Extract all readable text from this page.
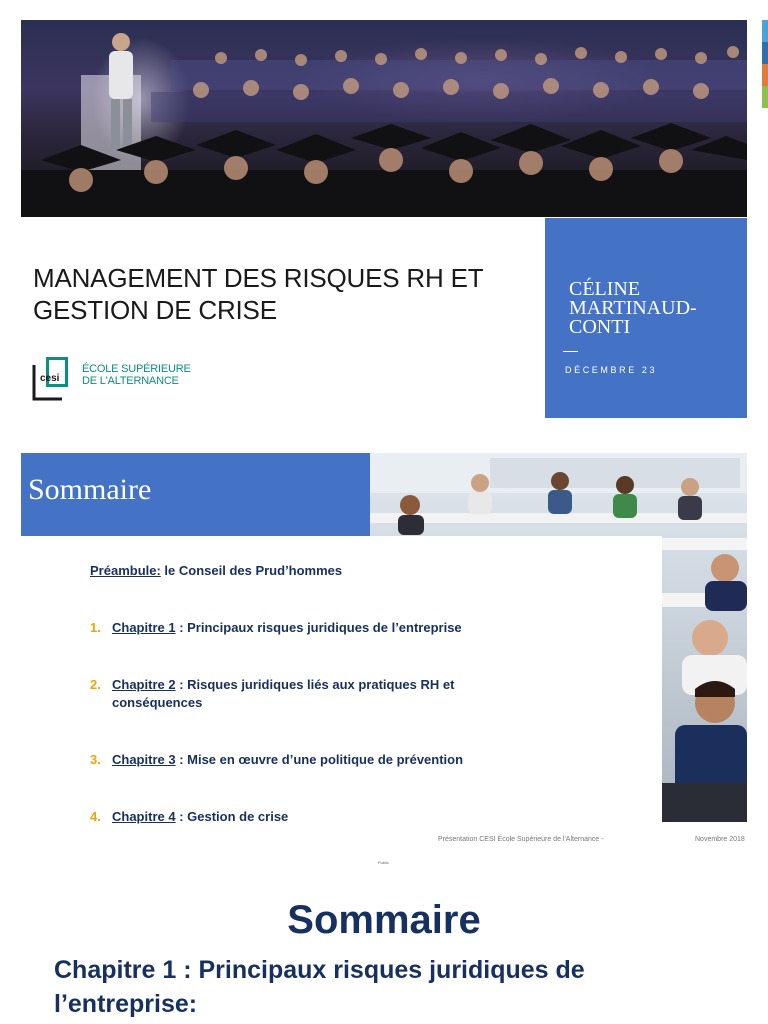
MANAGEMENT DES RISQUES RH ET
GESTION DE CRISE
cesi
ÉCOLE SUPÉRIEURE
DE L'ALTERNANCE
CÉLINE
MARTINAUD-
CONTI
DÉCEMBRE 23
Sommaire
Préambule: le Conseil des Prud’hommes
1. Chapitre 1 : Principaux risques juridiques de l’entreprise
2. Chapitre 2 : Risques juridiques liés aux pratiques RH et conséquences
3. Chapitre 3 : Mise en œuvre d’une politique de prévention
4. Chapitre 4 : Gestion de crise
Présentation CESI École Supérieure de l'Alternance -	Novembre 2018
Public
Sommaire
Chapitre 1 : Principaux risques juridiques de
l’entreprise:
